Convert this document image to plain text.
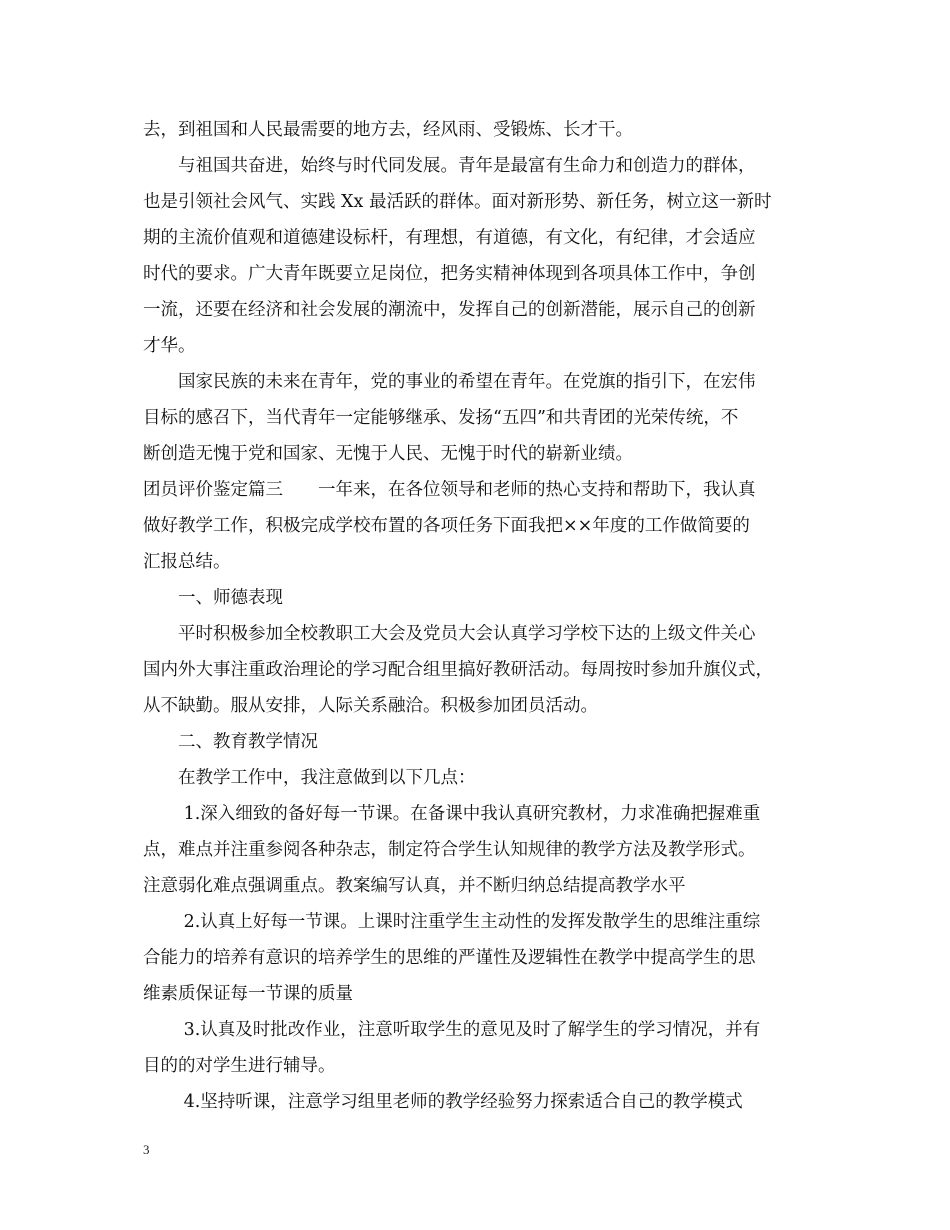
去，到祖国和人民最需要的地方去，经风雨、受锻炼、长才干。
　　与祖国共奋进，始终与时代同发展。青年是最富有生命力和创造力的群体，
也是引领社会风气、实践 Xx 最活跃的群体。面对新形势、新任务，树立这一新时
期的主流价值观和道德建设标杆，有理想，有道德，有文化，有纪律，才会适应
时代的要求。广大青年既要立足岗位，把务实精神体现到各项具体工作中，争创
一流，还要在经济和社会发展的潮流中，发挥自己的创新潜能，展示自己的创新
才华。
　　国家民族的未来在青年，党的事业的希望在青年。在党旗的指引下，在宏伟
目标的感召下，当代青年一定能够继承、发扬“五四”和共青团的光荣传统，不
断创造无愧于党和国家、无愧于人民、无愧于时代的崭新业绩。
团员评价鉴定篇三　　一年来，在各位领导和老师的热心支持和帮助下，我认真
做好教学工作，积极完成学校布置的各项任务下面我把××年度的工作做简要的
汇报总结。
　　一、师德表现
　　平时积极参加全校教职工大会及党员大会认真学习学校下达的上级文件关心
国内外大事注重政治理论的学习配合组里搞好教研活动。每周按时参加升旗仪式，
从不缺勤。服从安排，人际关系融洽。积极参加团员活动。
　　二、教育教学情况
　　在教学工作中，我注意做到以下几点：
　　 1.深入细致的备好每一节课。在备课中我认真研究教材，力求准确把握难重
点，难点并注重参阅各种杂志，制定符合学生认知规律的教学方法及教学形式。
注意弱化难点强调重点。教案编写认真，并不断归纳总结提高教学水平
　　 2.认真上好每一节课。上课时注重学生主动性的发挥发散学生的思维注重综
合能力的培养有意识的培养学生的思维的严谨性及逻辑性在教学中提高学生的思
维素质保证每一节课的质量
　　 3.认真及时批改作业，注意听取学生的意见及时了解学生的学习情况，并有
目的的对学生进行辅导。
　　 4.坚持听课，注意学习组里老师的教学经验努力探索适合自己的教学模式
3
